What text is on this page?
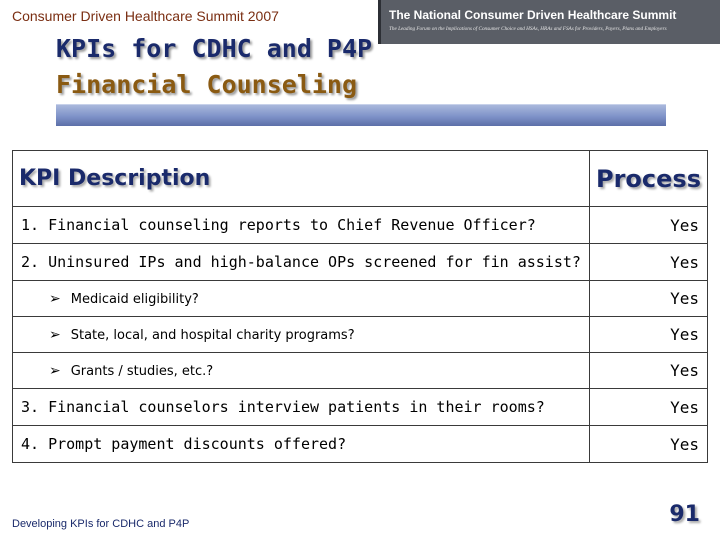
Consumer Driven Healthcare Summit 2007	The National Consumer Driven Healthcare Summit
The Leading Forum on the Implications of Consumer Choice and HSAs, HRAs and FSAs for Providers, Payers, Plans and Employers
KPIs for CDHC and P4P
Financial Counseling
KPI Description	Process
1. Financial counseling reports to Chief Revenue Officer?	Yes
2. Uninsured IPs and high-balance OPs screened for fin assist?	Yes
➢ Medicaid eligibility?	Yes
➢ State, local, and hospital charity programs?	Yes
➢ Grants / studies, etc.?	Yes
3. Financial counselors interview patients in their rooms?	Yes
4. Prompt payment discounts offered?	Yes
Developing KPIs for CDHC and P4P	91
